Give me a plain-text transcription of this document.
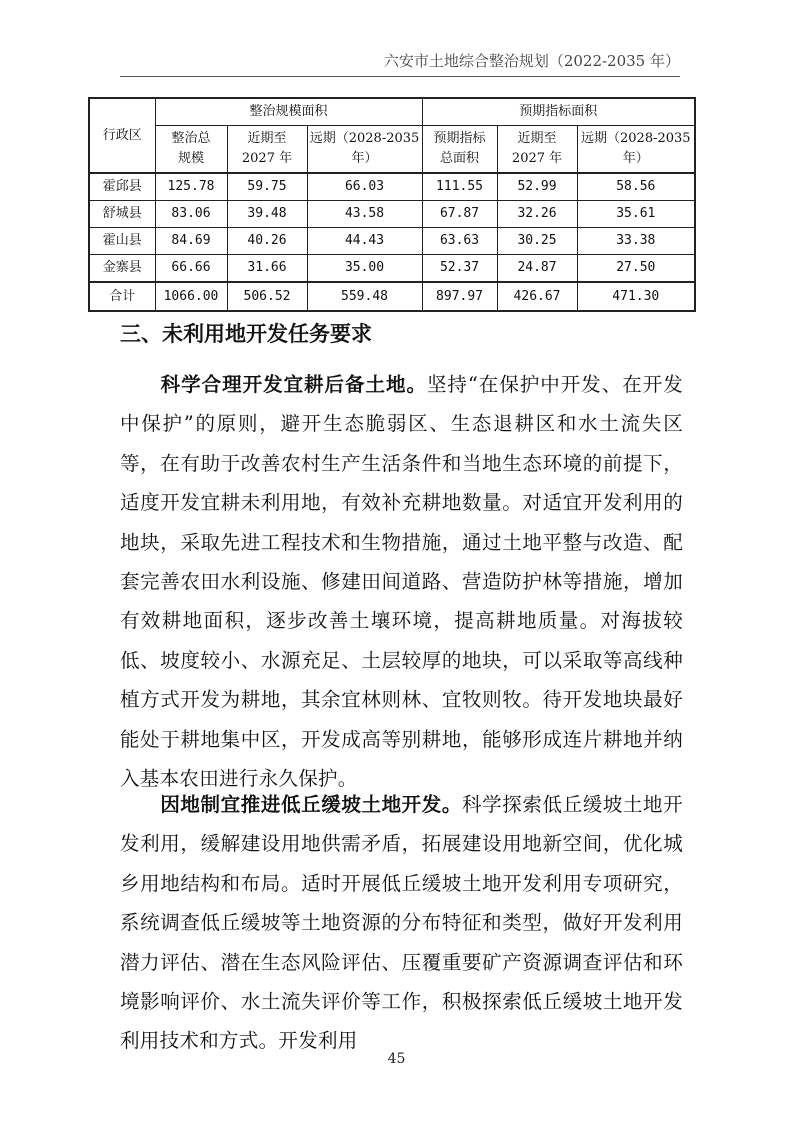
六安市土地综合整治规划（2022-2035 年）
行政区	整治规模面积			预期指标面积		

	整治总规模	近期至2027 年	远期（2028-2035 年）	预期指标总面积	近期至2027 年	远期（2028-2035 年）

霍邱县	125.78	59.75	66.03	111.55	52.99	58.56
舒城县	83.06	39.48	43.58	67.87	32.26	35.61
霍山县	84.69	40.26	44.43	63.63	30.25	33.38
金寨县	66.66	31.66	35.00	52.37	24.87	27.50
合计	1066.00	506.52	559.48	897.97	426.67	471.30
三、未利用地开发任务要求

科学合理开发宜耕后备土地。坚持“在保护中开发、在开发中保护”的原则，避开生态脆弱区、生态退耕区和水土流失区等，在有助于改善农村生产生活条件和当地生态环境的前提下，适度开发宜耕未利用地，有效补充耕地数量。对适宜开发利用的地块，采取先进工程技术和生物措施，通过土地平整与改造、配套完善农田水利设施、修建田间道路、营造防护林等措施，增加有效耕地面积，逐步改善土壤环境，提高耕地质量。对海拔较低、坡度较小、水源充足、土层较厚的地块，可以采取等高线种植方式开发为耕地，其余宜林则林、宜牧则牧。待开发地块最好能处于耕地集中区，开发成高等别耕地，能够形成连片耕地并纳入基本农田进行永久保护。

因地制宜推进低丘缓坡土地开发。科学探索低丘缓坡土地开发利用，缓解建设用地供需矛盾，拓展建设用地新空间，优化城乡用地结构和布局。适时开展低丘缓坡土地开发利用专项研究，系统调查低丘缓坡等土地资源的分布特征和类型，做好开发利用潜力评估、潜在生态风险评估、压覆重要矿产资源调查评估和环境影响评价、水土流失评价等工作，积极探索低丘缓坡土地开发利用技术和方式。开发利用

45
